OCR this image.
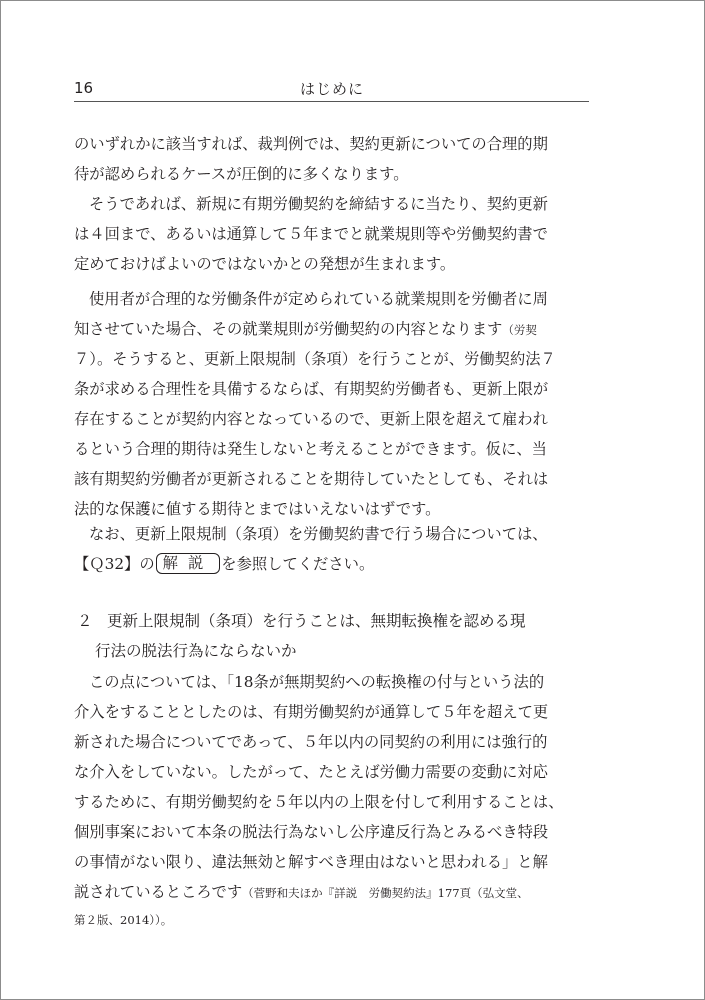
16	はじめに
のいずれかに該当すれば、裁判例では、契約更新についての合理的期
待が認められるケースが圧倒的に多くなります。
そうであれば、新規に有期労働契約を締結するに当たり、契約更新
は４回まで、あるいは通算して５年までと就業規則等や労働契約書で
定めておけばよいのではないかとの発想が生まれます。
使用者が合理的な労働条件が定められている就業規則を労働者に周
知させていた場合、その就業規則が労働契約の内容となります（労契
７）。そうすると、更新上限規制（条項）を行うことが、労働契約法７
条が求める合理性を具備するならば、有期契約労働者も、更新上限が
存在することが契約内容となっているので、更新上限を超えて雇われ
るという合理的期待は発生しないと考えることができます。仮に、当
該有期契約労働者が更新されることを期待していたとしても、それは
法的な保護に値する期待とまではいえないはずです。
なお、更新上限規制（条項）を労働契約書で行う場合については、
【Ｑ32】の 解説 を参照してください。
２ 更新上限規制（条項）を行うことは、無期転換権を認める現
行法の脱法行為にならないか
この点については、「18条が無期契約への転換権の付与という法的
介入をすることとしたのは、有期労働契約が通算して５年を超えて更
新された場合についてであって、５年以内の同契約の利用には強行的
な介入をしていない。したがって、たとえば労働力需要の変動に対応
するために、有期労働契約を５年以内の上限を付して利用することは、
個別事案において本条の脱法行為ないし公序違反行為とみるべき特段
の事情がない限り、違法無効と解すべき理由はないと思われる」と解
説されているところです（菅野和夫ほか『詳説　労働契約法』177頁（弘文堂、
第２版、2014））。
